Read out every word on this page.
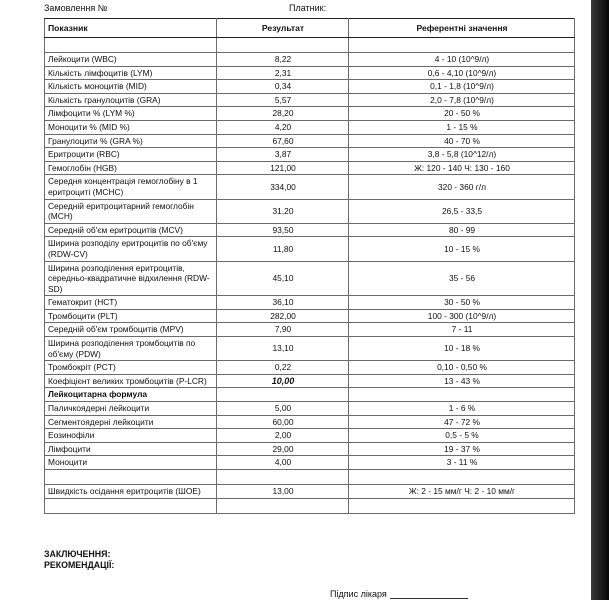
Замовлення №	Платник:
Показник	Результат	Референтні значення

Лейкоцити (WBC)	8,22	4 - 10 (10^9/л)
Кількість лімфоцитів (LYM)	2,31	0,6 - 4,10 (10^9/л)
Кількість моноцитів (MID)	0,34	0,1 - 1,8 (10^9/л)
Кількість гранулоцитів (GRA)	5,57	2,0 - 7,8 (10^9/л)
Лімфоцити % (LYM %)	28,20	20 - 50 %
Моноцити % (MID %)	4,20	1 - 15 %
Гранулоцити % (GRA %)	67,60	40 - 70 %
Еритроцити (RBC)	3,87	3,8 - 5,8 (10^12/л)
Гемоглобін (HGB)	121,00	Ж: 120 - 140 Ч: 130 - 160
Середня концентрація гемоглобіну в 1 еритроциті (MCHC)	334,00	320 - 360 г/л
Середній еритроцитарний гемоглобін (MCH)	31,20	26,5 - 33,5
Середній об'єм еритроцитів (MCV)	93,50	80 - 99
Ширина розподілу еритроцитів по об'єму (RDW-CV)	11,80	10 - 15 %
Ширина розподілення еритроцитів, середньо-квадратичне відхилення (RDW-SD)	45,10	35 - 56
Гематокрит (HCT)	36,10	30 - 50 %
Тромбоцити (PLT)	282,00	100 - 300 (10^9/л)
Середній об'єм тромбоцитів (MPV)	7,90	7 - 11
Ширина розподілення тромбоцитів по об'єму (PDW)	13,10	10 - 18 %
Тромбокріт (PCT)	0,22	0,10 - 0,50 %
Коефіцієнт великих тромбоцитів (P-LCR)	10,00	13 - 43 %
Лейкоцитарна формула		
Паличкоядерні лейкоцити	5,00	1 - 6 %
Сегментоядерні лейкоцити	60,00	47 - 72 %
Еозинофіли	2,00	0,5 - 5 %
Лімфоцити	29,00	19 - 37 %
Моноцити	4,00	3 - 11 %

Швидкість осідання еритроцитів (ШОЕ)	13,00	Ж: 2 - 15 мм/г Ч: 2 - 10 мм/г

ЗАКЛЮЧЕННЯ:
РЕКОМЕНДАЦІЇ:
Підпис лікаря
